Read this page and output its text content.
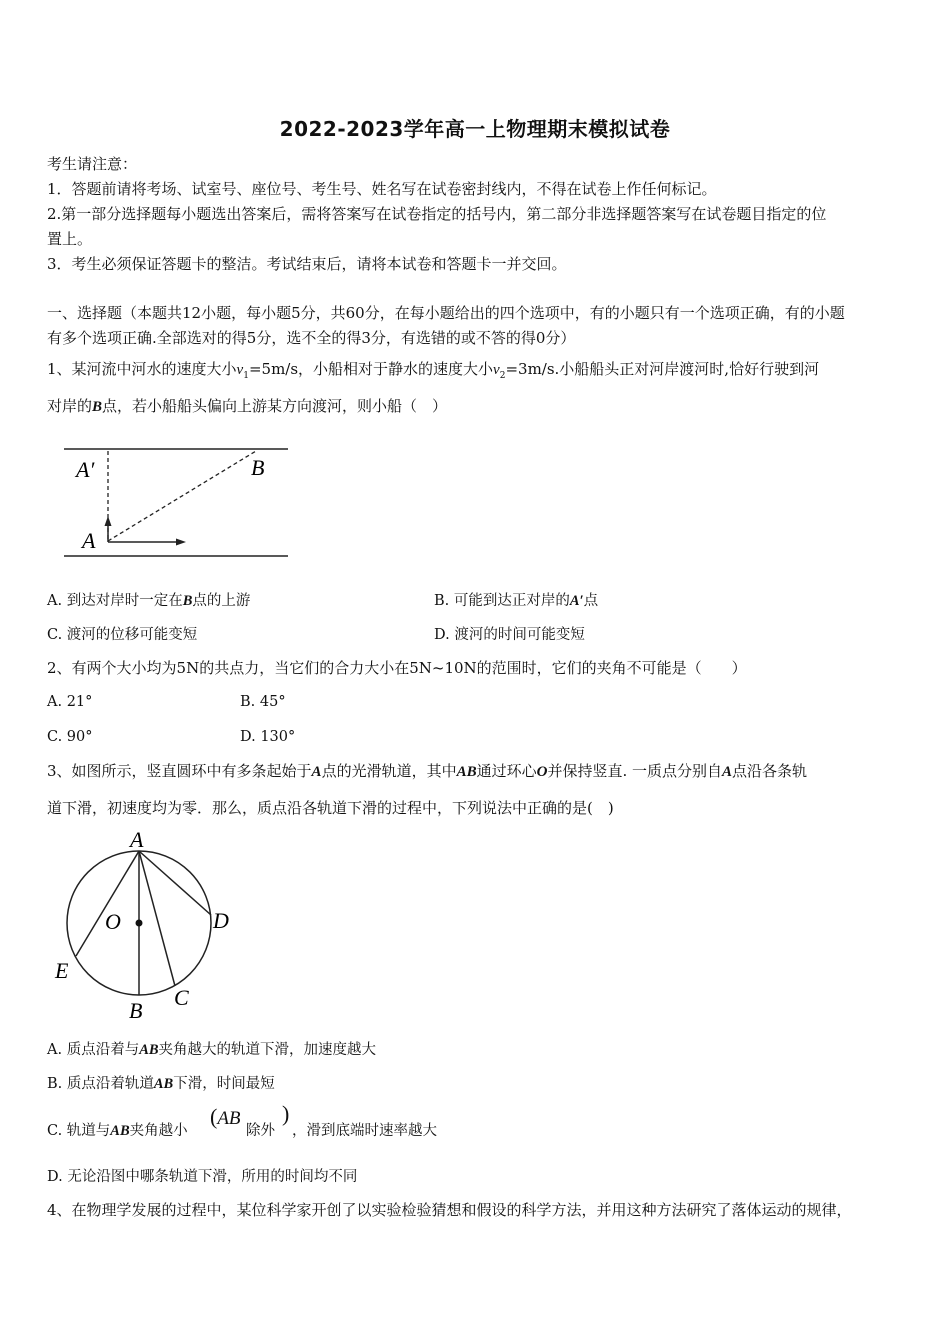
2022-2023学年高一上物理期末模拟试卷
考生请注意：
1．答题前请将考场、试室号、座位号、考生号、姓名写在试卷密封线内，不得在试卷上作任何标记。
2.第一部分选择题每小题选出答案后，需将答案写在试卷指定的括号内，第二部分非选择题答案写在试卷题目指定的位
置上。
3．考生必须保证答题卡的整洁。考试结束后，请将本试卷和答题卡一并交回。
一、选择题（本题共12小题，每小题5分，共60分，在每小题给出的四个选项中，有的小题只有一个选项正确，有的小题
有多个选项正确.全部选对的得5分，选不全的得3分，有选错的或不答的得0分）
1、某河流中河水的速度大小$v_1=5m/s$，小船相对于静水的速度大小$v_2=3m/s$.小船船头正对河岸渡河时,恰好行驶到河
对岸的B点，若小船船头偏向上游某方向渡河，则小船（　）
A′	B
A
A. 到达对岸时一定在B点的上游	B. 可能到达正对岸的A′点
C. 渡河的位移可能变短	D. 渡河的时间可能变短
2、有两个大小均为5N的共点力，当它们的合力大小在5N~10N的范围时，它们的夹角不可能是（　　）
A. 21°	B. 45°
C. 90°	D. 130°
3、如图所示，竖直圆环中有多条起始于A点的光滑轨道，其中AB通过环心O并保持竖直. 一质点分别自A点沿各条轨
道下滑，初速度均为零．那么，质点沿各轨道下滑的过程中，下列说法中正确的是(　)
A
O	D
E
B
C
A. 质点沿着与AB夹角越大的轨道下滑，加速度越大
B. 质点沿着轨道AB下滑，时间最短
C. 轨道与AB夹角越小
(AB
除外
)
，滑到底端时速率越大
D. 无论沿图中哪条轨道下滑，所用的时间均不同
4、在物理学发展的过程中，某位科学家开创了以实验检验猜想和假设的科学方法，并用这种方法研究了落体运动的规律，
